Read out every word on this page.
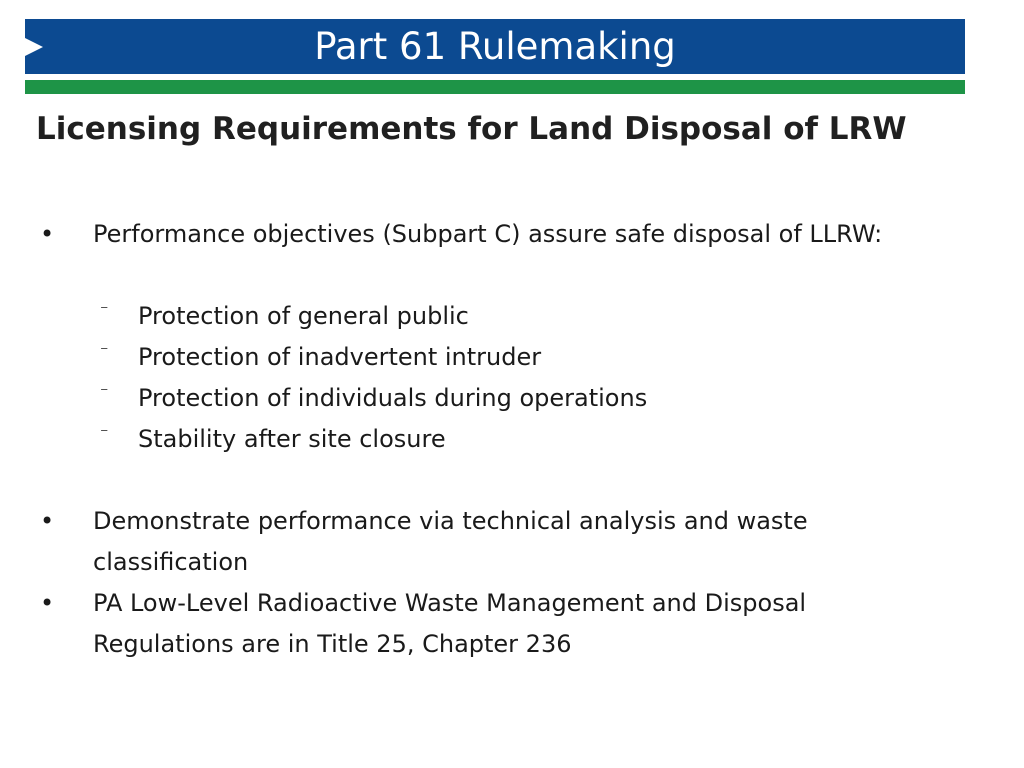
Part 61 Rulemaking
Licensing Requirements for Land Disposal of LRW
• Performance objectives (Subpart C) assure safe disposal of LLRW:
⁻ Protection of general public
⁻ Protection of inadvertent intruder
⁻ Protection of individuals during operations
⁻ Stability after site closure
• Demonstrate performance via technical analysis and waste classification
• PA Low-Level Radioactive Waste Management and Disposal Regulations are in Title 25, Chapter 236
